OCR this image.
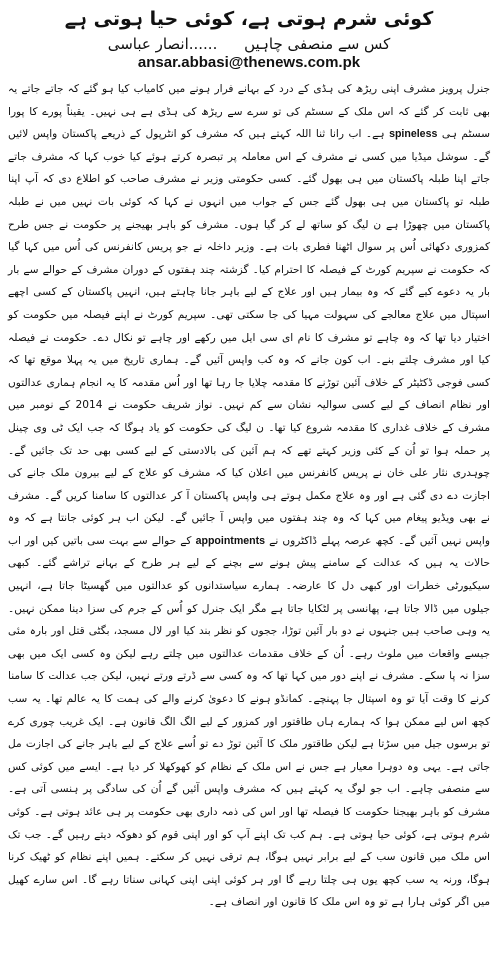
کوئی شرم ہوتی ہے، کوئی حیا ہوتی ہے
کس سے منصفی چاہیں ......انصار عباسی
ansar.abbasi@thenews.com.pk

جنرل پرویز مشرف اپنی ریڑھ کی ہڈی کے درد کے بہانے فرار ہونے میں کامیاب کیا ہو گئے کہ جاتے جاتے یہ بھی ثابت کر گئے کہ اس ملک کے سسٹم کی تو سرے سے ریڑھ کی ہڈی ہے ہی نہیں۔ یقیناً پورے کا پورا سسٹم ہی spineless ہے۔ اب رانا ثنا اللہ کہتے ہیں کہ مشرف کو انٹرپول کے ذریعے پاکستان واپس لائیں گے۔ سوشل میڈیا میں کسی نے مشرف کے اس معاملہ پر تبصرہ کرتے ہوئے کیا خوب کہا کہ مشرف جاتے جاتے اپنا طبلہ پاکستان میں ہی بھول گئے۔ کسی حکومتی وزیر نے مشرف صاحب کو اطلاع دی کہ آپ اپنا طبلہ تو پاکستان میں ہی بھول گئے جس کے جواب میں انہوں نے کہا کہ کوئی بات نہیں میں نے طبلہ پاکستان میں چھوڑا ہے ن لیگ کو ساتھ لے کر گیا ہوں۔ مشرف کو باہر بھیجنے پر حکومت نے جس طرح کمزوری دکھائی اُس پر سوال اٹھنا فطری بات ہے۔ وزیر داخلہ نے جو پریس کانفرنس کی اُس میں کہا گیا کہ حکومت نے سپریم کورٹ کے فیصلہ کا احترام کیا۔ گزشتہ چند ہفتوں کے دوران مشرف کے حوالے سے بار بار یہ دعوے کیے گئے کہ وہ بیمار ہیں اور علاج کے لیے باہر جانا چاہتے ہیں، انہیں پاکستان کے کسی اچھے اسپتال میں علاج معالجے کی سہولت مہیا کی جا سکتی تھی۔ سپریم کورٹ نے اپنے فیصلہ میں حکومت کو اختیار دیا تھا کہ وہ چاہے تو مشرف کا نام ای سی ایل میں رکھے اور چاہے تو نکال دے۔ حکومت نے فیصلہ کیا اور مشرف چلتے بنے۔ اب کون جانے کہ وہ کب واپس آئیں گے۔ ہماری تاریخ میں یہ پہلا موقع تھا کہ کسی فوجی ڈکٹیٹر کے خلاف آئین توڑنے کا مقدمہ چلایا جا رہا تھا اور اُس مقدمہ کا یہ انجام ہماری عدالتوں اور نظام انصاف کے لیے کسی سوالیہ نشان سے کم نہیں۔ نواز شریف حکومت نے 2014 کے نومبر میں مشرف کے خلاف غداری کا مقدمہ شروع کیا تھا۔ ن لیگ کی حکومت کو یاد ہوگا کہ جب ایک ٹی وی چینل پر حملہ ہوا تو اُن کے کئی وزیر کہتے تھے کہ ہم آئین کی بالادستی کے لیے کسی بھی حد تک جائیں گے۔ چوہدری نثار علی خان نے پریس کانفرنس میں اعلان کیا کہ مشرف کو علاج کے لیے بیرون ملک جانے کی اجازت دے دی گئی ہے اور وہ علاج مکمل ہوتے ہی واپس پاکستان آ کر عدالتوں کا سامنا کریں گے۔ مشرف نے بھی ویڈیو پیغام میں کہا کہ وہ چند ہفتوں میں واپس آ جائیں گے۔ لیکن اب ہر کوئی جانتا ہے کہ وہ واپس نہیں آئیں گے۔ کچھ عرصہ پہلے ڈاکٹروں نے appointments کے حوالے سے بہت سی باتیں کیں اور اب حالات یہ ہیں کہ عدالت کے سامنے پیش ہونے سے بچنے کے لیے ہر طرح کے بہانے تراشے گئے۔ کبھی سیکیورٹی خطرات اور کبھی دل کا عارضہ۔ ہمارے سیاستدانوں کو عدالتوں میں گھسیٹا جاتا ہے، انہیں جیلوں میں ڈالا جاتا ہے، پھانسی پر لٹکایا جاتا ہے مگر ایک جنرل کو اُس کے جرم کی سزا دینا ممکن نہیں۔ یہ وہی صاحب ہیں جنہوں نے دو بار آئین توڑا، ججوں کو نظر بند کیا اور لال مسجد، بگٹی قتل اور بارہ مئی جیسے واقعات میں ملوث رہے۔ اُن کے خلاف مقدمات عدالتوں میں چلتے رہے لیکن وہ کسی ایک میں بھی سزا نہ پا سکے۔ مشرف نے اپنے دور میں کہا تھا کہ وہ کسی سے ڈرتے ورتے نہیں، لیکن جب عدالت کا سامنا کرنے کا وقت آیا تو وہ اسپتال جا پہنچے۔ کمانڈو ہونے کا دعویٰ کرنے والے کی ہمت کا یہ عالم تھا۔ یہ سب کچھ اس لیے ممکن ہوا کہ ہمارے ہاں طاقتور اور کمزور کے لیے الگ الگ قانون ہے۔ ایک غریب چوری کرے تو برسوں جیل میں سڑتا ہے لیکن طاقتور ملک کا آئین توڑ دے تو اُسے علاج کے لیے باہر جانے کی اجازت مل جاتی ہے۔ یہی وہ دوہرا معیار ہے جس نے اس ملک کے نظام کو کھوکھلا کر دیا ہے۔ ایسے میں کوئی کس سے منصفی چاہے۔ اب جو لوگ یہ کہتے ہیں کہ مشرف واپس آئیں گے اُن کی سادگی پر ہنسی آتی ہے۔ مشرف کو باہر بھیجنا حکومت کا فیصلہ تھا اور اس کی ذمہ داری بھی حکومت پر ہی عائد ہوتی ہے۔ کوئی شرم ہوتی ہے، کوئی حیا ہوتی ہے۔ ہم کب تک اپنے آپ کو اور اپنی قوم کو دھوکہ دیتے رہیں گے۔ جب تک اس ملک میں قانون سب کے لیے برابر نہیں ہوگا، ہم ترقی نہیں کر سکتے۔ ہمیں اپنے نظام کو ٹھیک کرنا ہوگا، ورنہ یہ سب کچھ یوں ہی چلتا رہے گا اور ہر کوئی اپنی اپنی کہانی سناتا رہے گا۔ اس سارے کھیل میں اگر کوئی ہارا ہے تو وہ اس ملک کا قانون اور انصاف ہے۔
